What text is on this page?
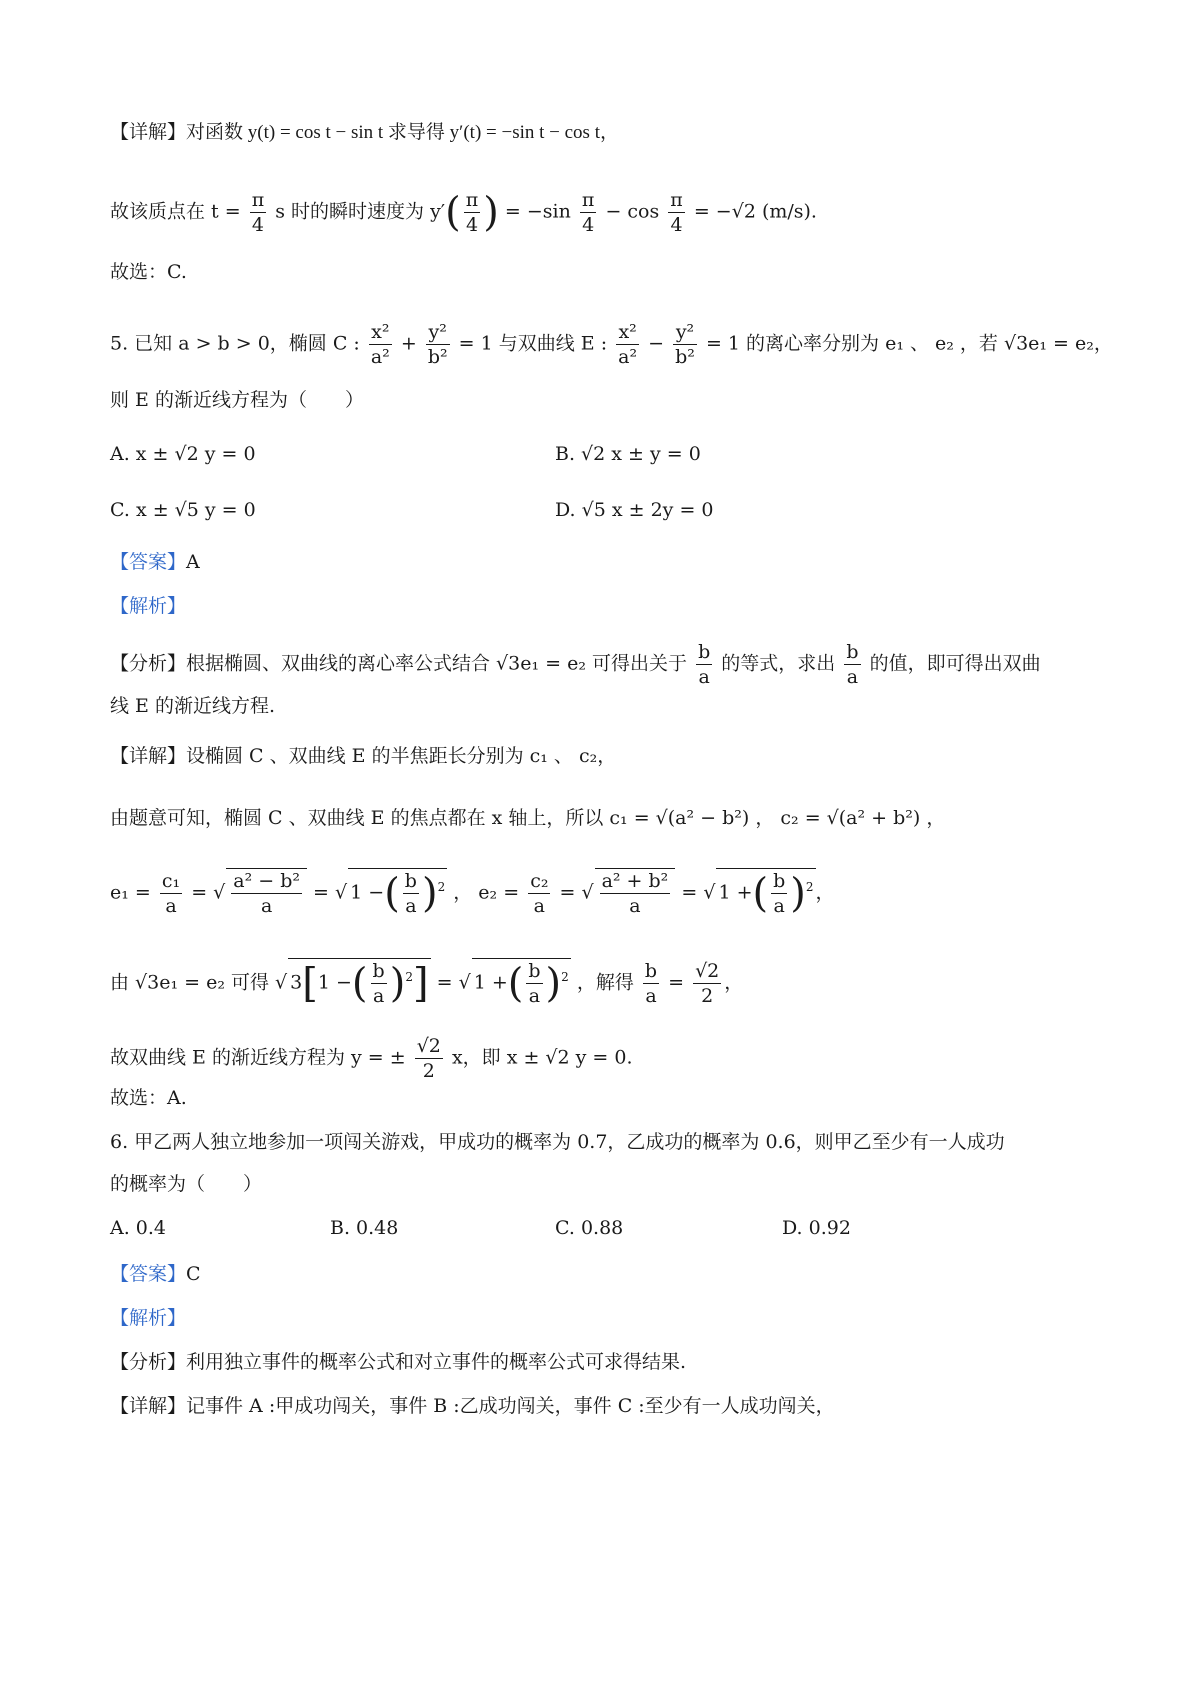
【详解】对函数 y(t) = cos t − sin t 求导得 y′(t) = −sin t − cos t，
故该质点在 $t = \frac{\pi}{4}$ s 时的瞬时速度为 $y'( \frac{\pi}{4}$ ) = $-\sin \frac{\pi}{4} - \cos \frac{\pi}{4} = -√2$ (m/s).
故选：C.
5. 已知 a > b > 0，椭圆 C : $\frac{\text{x²}}{\text{a²}} + \frac{\text{y²}}{\text{b²}} = 1$ 与双曲线 E : $\frac{\text{x²}}{\text{a²}} - \frac{\text{y²}}{\text{b²}} = 1$ 的离心率分别为 e₁ 、 e₂ ，若 √3e₁ = e₂，
则 E 的渐近线方程为（　　）
A. x ± √2 y = 0	B. √2 x ± y = 0
C. x ± √5 y = 0	D. √5 x ± 2y = 0
【答案】A
【解析】
【分析】根据椭圆、双曲线的离心率公式结合 √3e₁ = e₂ 可得出关于 $\frac{b}{a}$ 的等式，求出 $\frac{b}{a}$ 的值，即可得出双曲
线 E 的渐近线方程.
【详解】设椭圆 C 、双曲线 E 的半焦距长分别为 c₁ 、 c₂，
由题意可知，椭圆 C 、双曲线 E 的焦点都在 x 轴上，所以 c₁ = √(a² − b²) ， c₂ = √(a² + b²) ，
$e_1 = \frac{\text{c₁}}{a}$ = √ $\frac{\text{a² − b²}}{a}$ = √ 1 −( $\frac{b}{a} )^2$ ， $e_2 = \frac{\text{c₂}}{a}$ = √ $\frac{\text{a² + b²}}{a}$ = √ 1 +( $\frac{b}{a} )^2$ ，
由 √3e₁ = e₂ 可得 √ 3[1 −( $\frac{b}{a} )^2$] = √ 1 +( $\frac{b}{a} )^2$ ，解得 $\frac{b}{a} = \frac{√2}{2}$ ，
故双曲线 E 的渐近线方程为 y = ± $\frac{√2}{2}$ x，即 x ± √2 y = 0.
故选：A.
6. 甲乙两人独立地参加一项闯关游戏，甲成功的概率为 0.7，乙成功的概率为 0.6，则甲乙至少有一人成功
的概率为（　　）
A. 0.4	B. 0.48	C. 0.88	D. 0.92
【答案】C
【解析】
【分析】利用独立事件的概率公式和对立事件的概率公式可求得结果.
【详解】记事件 A :甲成功闯关，事件 B :乙成功闯关，事件 C :至少有一人成功闯关，
